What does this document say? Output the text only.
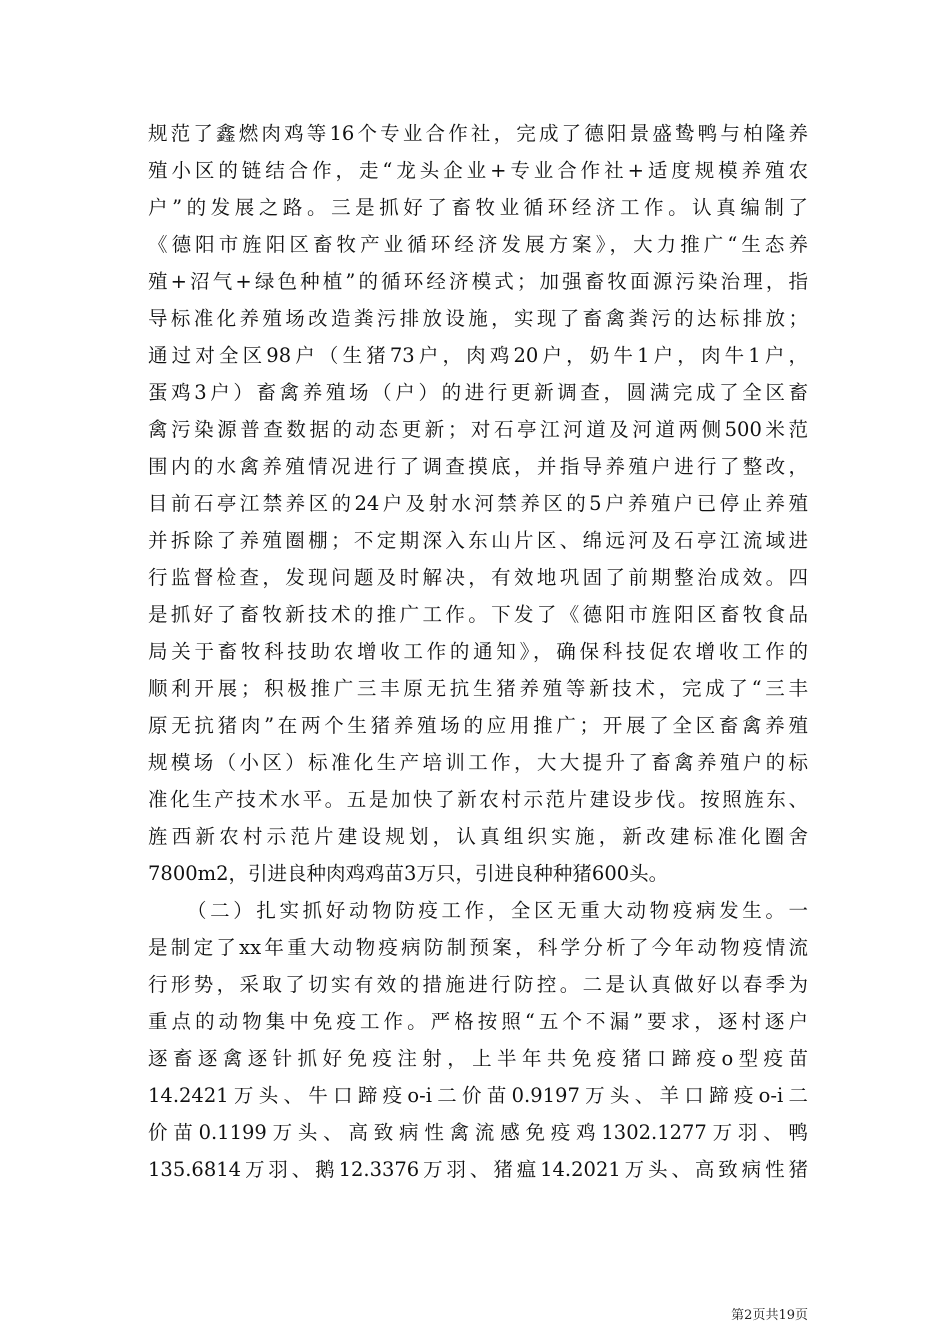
规范了鑫燃肉鸡等16个专业合作社，完成了德阳景盛鸷鸭与柏隆养
殖小区的链结合作，走“龙头企业+专业合作社+适度规模养殖农
户”的发展之路。三是抓好了畜牧业循环经济工作。认真编制了
《德阳市旌阳区畜牧产业循环经济发展方案》，大力推广“生态养
殖+沼气+绿色种植”的循环经济模式；加强畜牧面源污染治理，指
导标准化养殖场改造粪污排放设施，实现了畜禽粪污的达标排放；
通过对全区98户（生猪73户，肉鸡20户，奶牛1户，肉牛1户，
蛋鸡3户）畜禽养殖场（户）的进行更新调查，圆满完成了全区畜
禽污染源普查数据的动态更新；对石亭江河道及河道两侧500米范
围内的水禽养殖情况进行了调查摸底，并指导养殖户进行了整改，
目前石亭江禁养区的24户及射水河禁养区的5户养殖户已停止养殖
并拆除了养殖圈棚；不定期深入东山片区、绵远河及石亭江流域进
行监督检查，发现问题及时解决，有效地巩固了前期整治成效。四
是抓好了畜牧新技术的推广工作。下发了《德阳市旌阳区畜牧食品
局关于畜牧科技助农增收工作的通知》，确保科技促农增收工作的
顺利开展；积极推广三丰原无抗生猪养殖等新技术，完成了“三丰
原无抗猪肉”在两个生猪养殖场的应用推广；开展了全区畜禽养殖
规模场（小区）标准化生产培训工作，大大提升了畜禽养殖户的标
准化生产技术水平。五是加快了新农村示范片建设步伐。按照旌东、
旌西新农村示范片建设规划，认真组织实施，新改建标准化圈舍
7800m2，引进良种肉鸡鸡苗3万只，引进良种种猪600头。
（二）扎实抓好动物防疫工作，全区无重大动物疫病发生。一
是制定了xx年重大动物疫病防制预案，科学分析了今年动物疫情流
行形势，采取了切实有效的措施进行防控。二是认真做好以春季为
重点的动物集中免疫工作。严格按照“五个不漏”要求，逐村逐户
逐畜逐禽逐针抓好免疫注射，上半年共免疫猪口蹄疫o型疫苗
14.2421万头、牛口蹄疫o-i二价苗0.9197万头、羊口蹄疫o-i二
价苗0.1199万头、高致病性禽流感免疫鸡1302.1277万羽、鸭
135.6814万羽、鹅12.3376万羽、猪瘟14.2021万头、高致病性猪
第2页共19页
